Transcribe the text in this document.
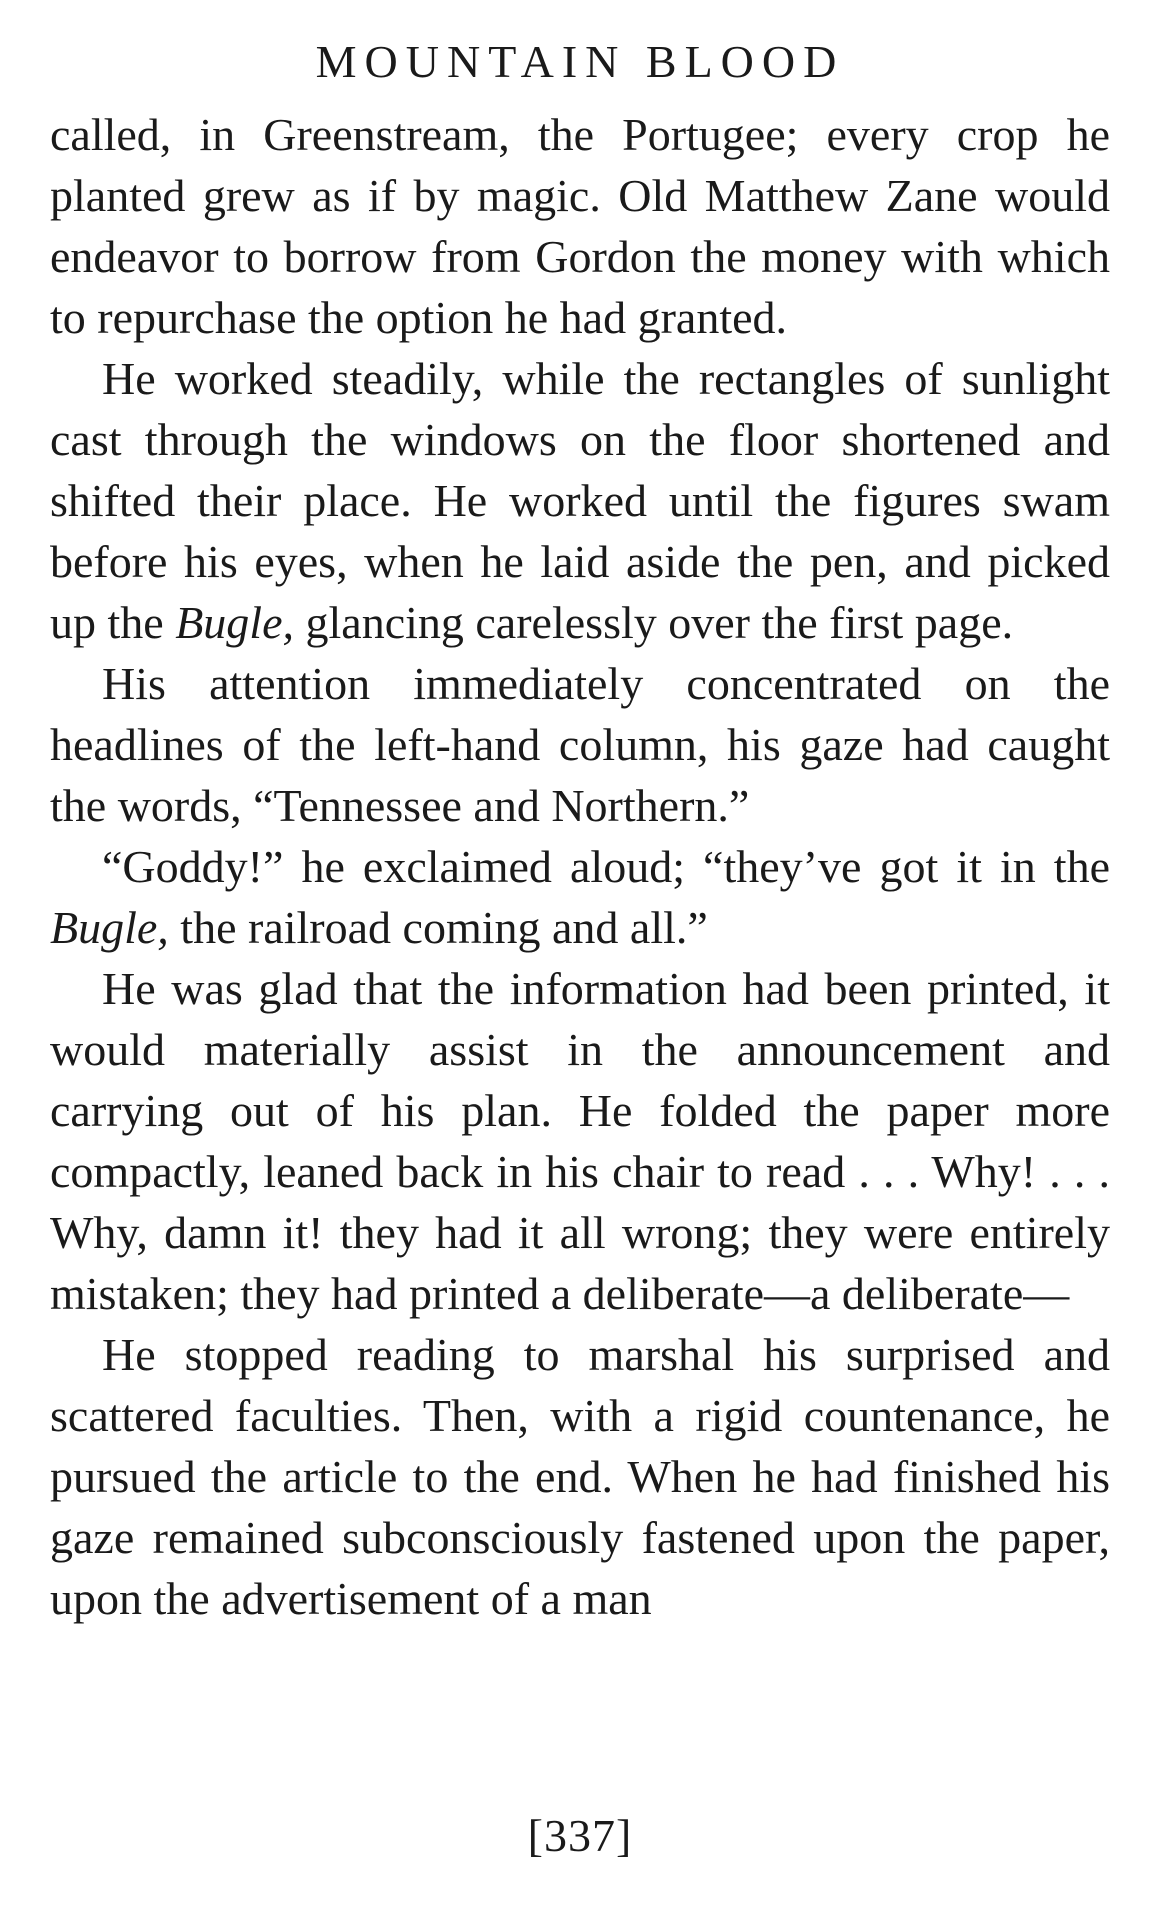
MOUNTAIN BLOOD

called, in Greenstream, the Portugee; every crop he planted grew as if by magic. Old Matthew Zane would endeavor to borrow from Gordon the money with which to repurchase the option he had granted.

He worked steadily, while the rectangles of sunlight cast through the windows on the floor shortened and shifted their place. He worked until the figures swam before his eyes, when he laid aside the pen, and picked up the Bugle, glancing carelessly over the first page.

His attention immediately concentrated on the headlines of the left-hand column, his gaze had caught the words, “Tennessee and Northern.”

“Goddy!” he exclaimed aloud; “they’ve got it in the Bugle, the railroad coming and all.”

He was glad that the information had been printed, it would materially assist in the announcement and carrying out of his plan. He folded the paper more compactly, leaned back in his chair to read . . . Why! . . . Why, damn it! they had it all wrong; they were entirely mistaken; they had printed a deliberate—a deliberate—

He stopped reading to marshal his surprised and scattered faculties. Then, with a rigid countenance, he pursued the article to the end. When he had finished his gaze remained subconsciously fastened upon the paper, upon the advertisement of a man

[337]
